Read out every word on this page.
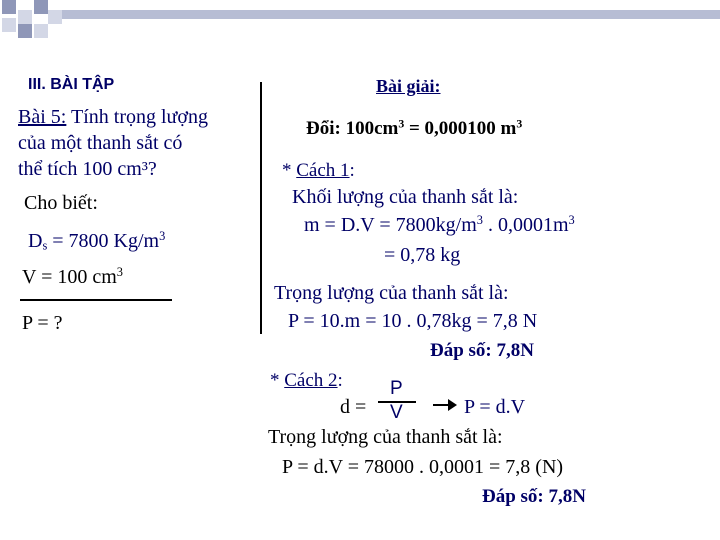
III. BÀI TẬP
Bài 5: Tính trọng lượng
của một thanh sắt có
thể tích 100 cm³?
Cho biết:
$D_s = 7800$ $Kg/m^3$
V = 100 $cm^3$
P = ?
Bài giải:
Đổi: $100cm^3 = 0,000100$ $m^3$
* Cách 1:
Khối lượng của thanh sắt là:
$m = D.V = 7800kg/m^3$ . $0,0001m^3$
= 0,78 kg
Trọng lượng của thanh sắt là:
P = 10.m = 10 . 0,78kg = 7,8 N
Đáp số: 7,8N
* Cách 2:
d =
P
V	P = d.V
Trọng lượng của thanh sắt là:
P = d.V = 78000 . 0,0001 = 7,8 (N)
Đáp số: 7,8N
